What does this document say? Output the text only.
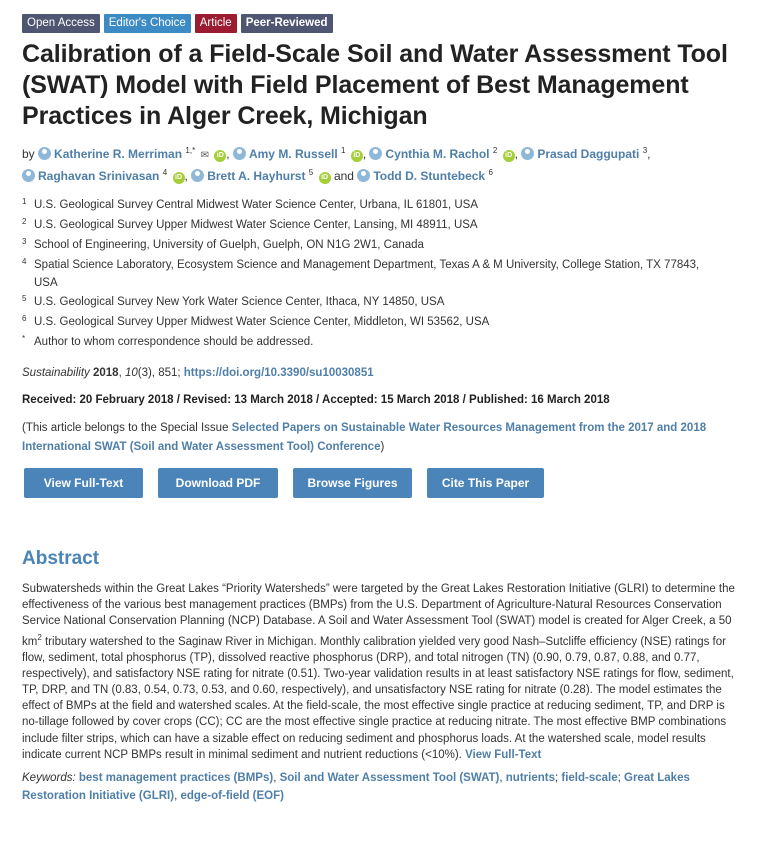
Open Access	Editor's Choice	Article	Peer-Reviewed
Calibration of a Field-Scale Soil and Water Assessment Tool (SWAT) Model with Field Placement of Best Management Practices in Alger Creek, Michigan
by Katherine R. Merriman $^{1,*}$ ✉ iD , Amy M. Russell $^1$ iD , Cynthia M. Rachol $^2$ iD , Prasad Daggupati $^3$,
Raghavan Srinivasan $^4$ iD , Brett A. Hayhurst $^5$ iD and Todd D. Stuntebeck $^6$
1 U.S. Geological Survey Central Midwest Water Science Center, Urbana, IL 61801, USA
2 U.S. Geological Survey Upper Midwest Water Science Center, Lansing, MI 48911, USA
3 School of Engineering, University of Guelph, Guelph, ON N1G 2W1, Canada
4 Spatial Science Laboratory, Ecosystem Science and Management Department, Texas A & M University, College Station, TX 77843, USA
5 U.S. Geological Survey New York Water Science Center, Ithaca, NY 14850, USA
6 U.S. Geological Survey Upper Midwest Water Science Center, Middleton, WI 53562, USA
* Author to whom correspondence should be addressed.
Sustainability 2018, 10(3), 851; https://doi.org/10.3390/su10030851
Received: 20 February 2018 / Revised: 13 March 2018 / Accepted: 15 March 2018 / Published: 16 March 2018
(This article belongs to the Special Issue Selected Papers on Sustainable Water Resources Management from the 2017 and 2018 International SWAT (Soil and Water Assessment Tool) Conference)
View Full-Text	Download PDF	Browse Figures	Cite This Paper
Abstract
Subwatersheds within the Great Lakes “Priority Watersheds” were targeted by the Great Lakes Restoration Initiative (GLRI) to determine the effectiveness of the various best management practices (BMPs) from the U.S. Department of Agriculture-Natural Resources Conservation Service National Conservation Planning (NCP) Database. A Soil and Water Assessment Tool (SWAT) model is created for Alger Creek, a 50 $km^2$ tributary watershed to the Saginaw River in Michigan. Monthly calibration yielded very good Nash–Sutcliffe efficiency (NSE) ratings for flow, sediment, total phosphorus (TP), dissolved reactive phosphorus (DRP), and total nitrogen (TN) (0.90, 0.79, 0.87, 0.88, and 0.77, respectively), and satisfactory NSE rating for nitrate (0.51). Two-year validation results in at least satisfactory NSE ratings for flow, sediment, TP, DRP, and TN (0.83, 0.54, 0.73, 0.53, and 0.60, respectively), and unsatisfactory NSE rating for nitrate (0.28). The model estimates the effect of BMPs at the field and watershed scales. At the field-scale, the most effective single practice at reducing sediment, TP, and DRP is no-tillage followed by cover crops (CC); CC are the most effective single practice at reducing nitrate. The most effective BMP combinations include filter strips, which can have a sizable effect on reducing sediment and phosphorus loads. At the watershed scale, model results indicate current NCP BMPs result in minimal sediment and nutrient reductions (<10%). View Full-Text
Keywords: best management practices (BMPs), Soil and Water Assessment Tool (SWAT), nutrients; field-scale; Great Lakes Restoration Initiative (GLRI), edge-of-field (EOF)
